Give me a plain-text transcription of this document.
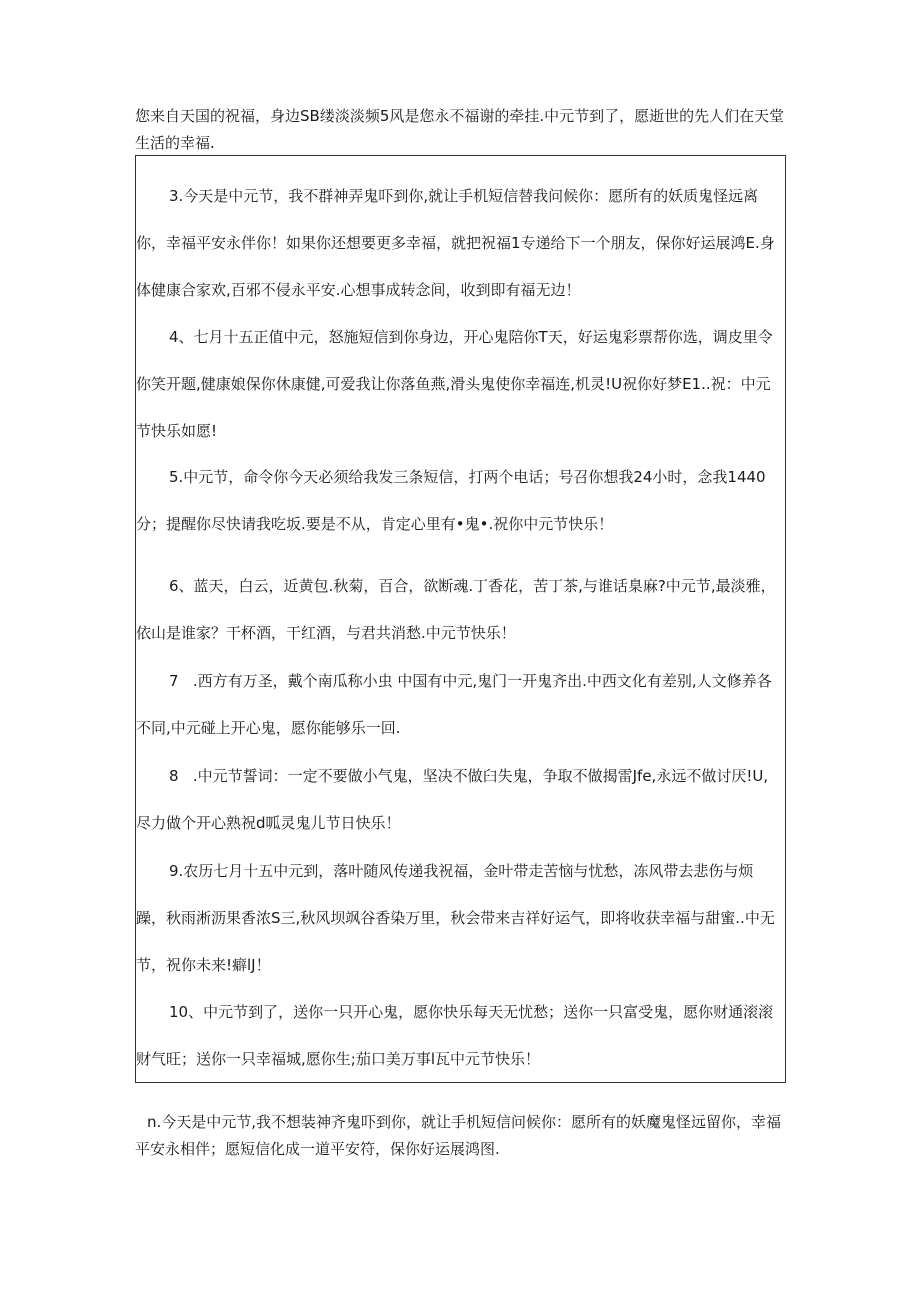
您来自天国的祝福，身边SB缕淡淡频5风是您永不福谢的牵挂.中元节到了，愿逝世的先人们在天堂生活的幸福.

3.今天是中元节，我不群神弄鬼吓到你,就让手机短信替我问候你：愿所有的妖质鬼怪远离你，幸福平安永伴你！如果你还想要更多幸福，就把祝福1专递给下一个朋友，保你好运展鸿E.身体健康合家欢,百邪不侵永平安.心想事成转念间，收到即有福无边！

4、七月十五正值中元，怒施短信到你身边，开心鬼陪你T天，好运鬼彩票帮你选，调皮里令你笑开题,健康娘保你休康健,可爱我让你落鱼燕,滑头鬼使你幸福连,机灵!U祝你好梦E1..祝：中元节快乐如愿!

5.中元节，命令你今天必须给我发三条短信，打两个电话；号召你想我24小时，念我1440分；提醒你尽快请我吃坂.要是不从，肯定心里有•鬼•.祝你中元节快乐！

6、蓝天，白云，近黄包.秋菊，百合，欲断魂.丁香花，苦丁茶,与谁话臬麻?中元节,最淡雅，依山是谁家？干杯酒，干红酒，与君共消愁.中元节快乐！

7   .西方有万圣，戴个南瓜称小虫 中国有中元,鬼门一开鬼齐出.中西文化有差别,人文修养各不同,中元碰上开心鬼，愿你能够乐一回.

8   .中元节誓词：一定不要做小气鬼，坚决不做臼失鬼，争取不做揭雷Jfe,永远不做讨厌!U,尽力做个开心熟祝d呱灵鬼儿节日快乐！

9.农历七月十五中元到，落叶随风传递我祝福，金叶带走苦恼与忧愁，冻风带去悲伤与烦躁，秋雨淅沥果香浓S三,秋风坝飒谷香染万里，秋会带来吉祥好运气，即将收获幸福与甜蜜..中无节，祝你未来!癖lJ！

10、中元节到了，送你一只开心鬼，愿你快乐每天无忧愁；送你一只富受鬼，愿你财通滚滚财气旺；送你一只幸福城,愿你生;茄口美万事l瓦中元节快乐！

n.今天是中元节,我不想装神齐鬼吓到你，就让手机短信问候你：愿所有的妖魔鬼怪远留你，幸福平安永相伴；愿短信化成一道平安符，保你好运展鸿图.
